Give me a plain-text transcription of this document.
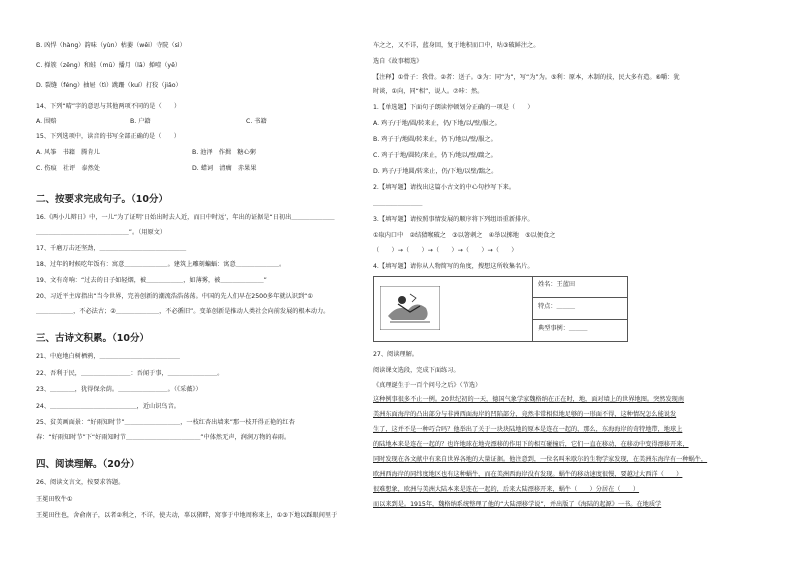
B. 凶悍（hàng）韵味（yùn）枯萎（wěi）寺院（sì）
C. 掸簇（zēng）和蛙（mū）播月（lā）掸噎（yē）
D. 裂缝（féng）抽屉（tì）跳跚（kuí）打狡（jiǎo）
14、下列“晴”字的意思与其他两项不同的是（　　）
A. 围赔	B. 户籍	C. 书籍
15、下列选项中，读音的书写全部正确的是（　　）
A. 风筝　书籍　腾肯儿	B. 池泽　作揖　糖心粥
C. 伤痕　社评　泰然处	D. 蜡词　清瘸　赤果果
二、按要求完成句子。（10分）
16.《两小儿辩日》中，一儿“为了证明‘日始出时去人近，而日中时远’，年出的证据是“日初出＿＿＿＿＿＿＿
＿＿＿＿＿＿＿＿＿＿＿＿＿＿＿”。（用原文）
17、千磨万击还坚劲，＿＿＿＿＿＿＿＿＿＿＿＿＿＿
18、过年的时候吃年饭有：寓意＿＿＿＿＿＿＿。建筑上雕刻蝙蝠：寓意＿＿＿＿＿＿＿。
19、文有奇响：“过去的日子如轻烟，被＿＿＿＿＿＿，如薄雾，被＿＿＿＿＿＿＿”
20、习近平主席指出“当今世界，完善创新的潮流浩浩荡荡。中国的先人们早在2500多年就认识到“①
＿＿＿＿＿＿，不必法古；②＿＿＿＿＿＿＿，不必循旧”。变革创新是推动人类社会向前发展的根本动力。
三、古诗文积累。（10分）
21、中庭地白树栖鸦，＿＿＿＿＿＿＿＿＿＿＿＿＿
22、吾利于民，＿＿＿＿＿＿＿＿：吾闻于事，＿＿＿＿＿＿＿＿。
23、＿＿＿＿，犹得保余荫。＿＿＿＿＿＿＿＿。（《采薇》）
24、＿＿＿＿＿＿＿＿＿＿＿＿＿＿，近山识鸟音。
25、贫美画面景：“好雨知时节”＿＿＿＿＿＿＿＿＿，一枝红杏出墙来”那一枝开得正艳的红杏
春：“好雨知时节”下“好雨知时节＿＿＿＿＿＿＿＿＿＿＿＿”中体然无声，润润万物的春雨。
四、阅读理解。（20分）
26、阅读文言文，按要求答题。
王冕田牧牛①
王冕田往也，舍俞南子，以者②利之，不详，使夫动，辜以猪畔，窝事于中地周称来上，①③下地以踩眼间里于
车之之，又不详，蓝身回，复于地积而口中，咕③破鲜注之。
选自《故事精选》
【注释】①骨子：我骨。②者：送子。③为：同“为”，写“为”为。⑤利：原本，木制的技，民大多有造。⑥嚼：犹
时谈，①向，同“相”，说人。⑦咔：然。
1.【单选题】下面句子朗读停顿划分正确的一项是（　　）
A. 鸡子/于地/圆/转来止，仍/下地/以/壁/服之。
B. 鸡子于/地圆/转来止，仍下/地以/壁/服之。
C. 鸡子于地/圆转/来止，仍下/地以/壁/踹之。
D. 鸡子/于地圆/转来止，仍/下地/以壁/踹之。
2.【填写题】请找出这篇小古文的中心句抄写下来。
＿＿＿＿＿＿＿＿
3.【填写题】请按照事情发展的顺序将下列组语重新排序。
①取内口中　②结猜喉破之　③以箸刺之　④举以掷地　⑤以便食之
（　　）→（　　）→（　　）→（　　）→（　　）
4.【填写题】请你从人物简写的角度，搜想这所收集名片。
姓名：王蓝田
特点：＿＿＿
典型事例：＿＿＿
27、阅读理解。
阅读课文选段，完成下面练习。
《真理诞生于一百个问号之后》（节选）
这种例事很多不止一例。20世纪初的一天，德国气象学家魏格纳在正在时，地，面对墙上的世界地图。突然发现南
美洲东面海岸的凸出部分与非洲西面海岸的凹陷部分，竟然非常相似地足够的一形面不得，这种情况怎么能说发
生了，这并不是一种巧合吗？他举出了关于一块块陆地的原本是连在一起的，那么，东海海岸的奇特地带，地球上
的陆地本来是连在一起的？也许地球在地壳漂移的作用下的相互碰撞后，它们一直在移动，在移动中变得漂移开来，
同时发现在各文献中有来自世界各地的大量证据。他注意到，一位名叫米歇尔的生物学家发现，在美洲东海岸有一种蜗牛，
欧洲西海岸的同纬度地区也有这种蜗牛，而在美洲西海岸没有发现。蜗牛的移动速度很慢，要越过大西洋（　　）
很难想象，欧洲与美洲大陆本来是连在一起的，后来大陆漂移开来，蜗牛（　　）分居在（　　）
而以来到是。1915年，魏格纳系统整理了他的“大陆漂移学说”，并出版了《海陆的起源》一书。在地质学
